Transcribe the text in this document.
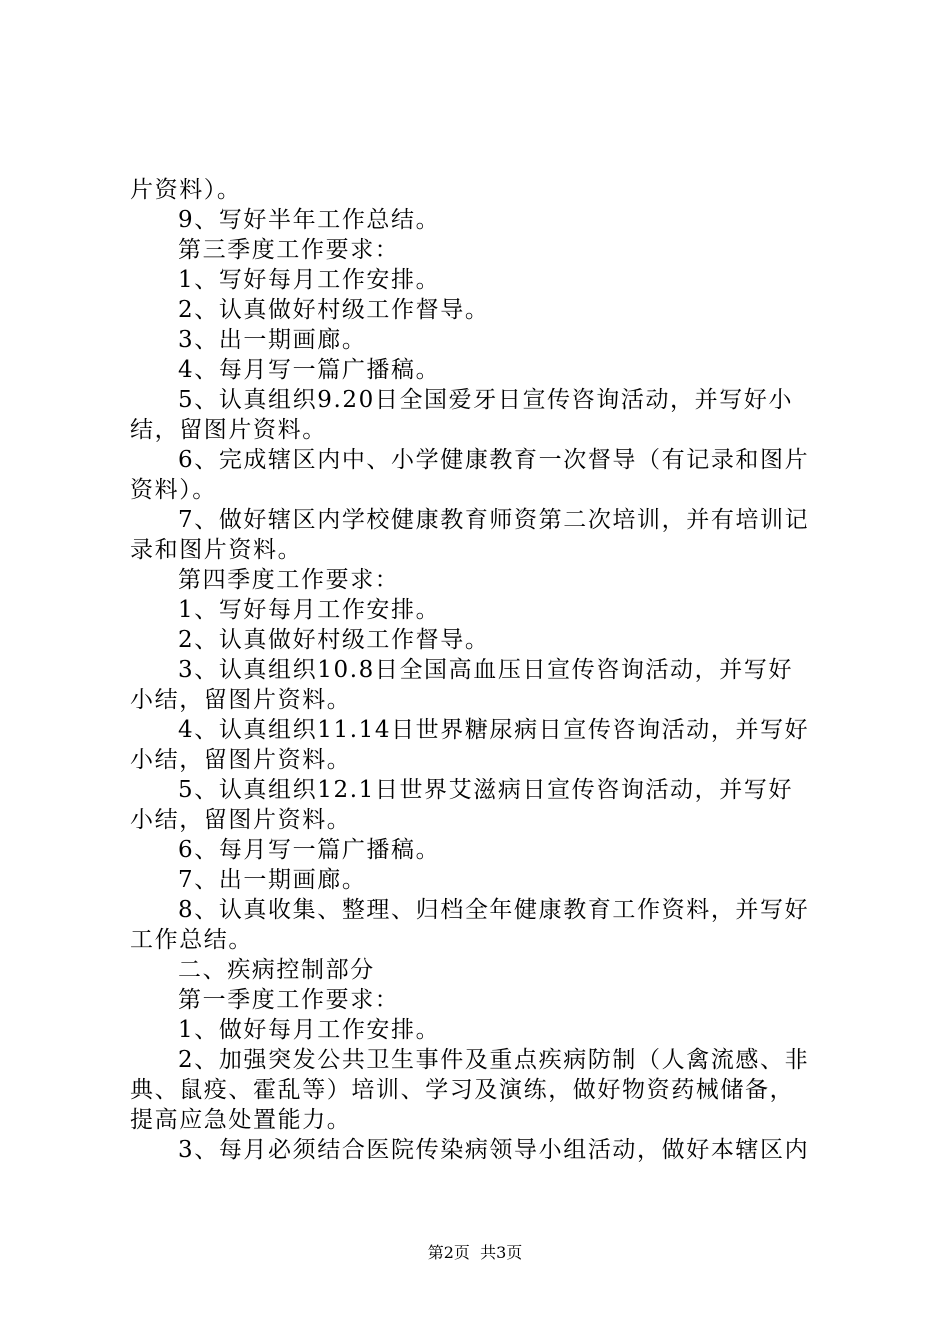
片资料）。
9、写好半年工作总结。
第三季度工作要求：
1、写好每月工作安排。
2、认真做好村级工作督导。
3、出一期画廊。
4、每月写一篇广播稿。
5、认真组织9.20日全国爱牙日宣传咨询活动，并写好小
结，留图片资料。
6、完成辖区内中、小学健康教育一次督导（有记录和图片
资料）。
7、做好辖区内学校健康教育师资第二次培训，并有培训记
录和图片资料。
第四季度工作要求：
1、写好每月工作安排。
2、认真做好村级工作督导。
3、认真组织10.8日全国高血压日宣传咨询活动，并写好
小结，留图片资料。
4、认真组织11.14日世界糖尿病日宣传咨询活动，并写好
小结，留图片资料。
5、认真组织12.1日世界艾滋病日宣传咨询活动，并写好
小结，留图片资料。
6、每月写一篇广播稿。
7、出一期画廊。
8、认真收集、整理、归档全年健康教育工作资料，并写好
工作总结。
二、疾病控制部分
第一季度工作要求：
1、做好每月工作安排。
2、加强突发公共卫生事件及重点疾病防制（人禽流感、非
典、鼠疫、霍乱等）培训、学习及演练，做好物资药械储备，
提高应急处置能力。
3、每月必须结合医院传染病领导小组活动，做好本辖区内
第2页  共3页
